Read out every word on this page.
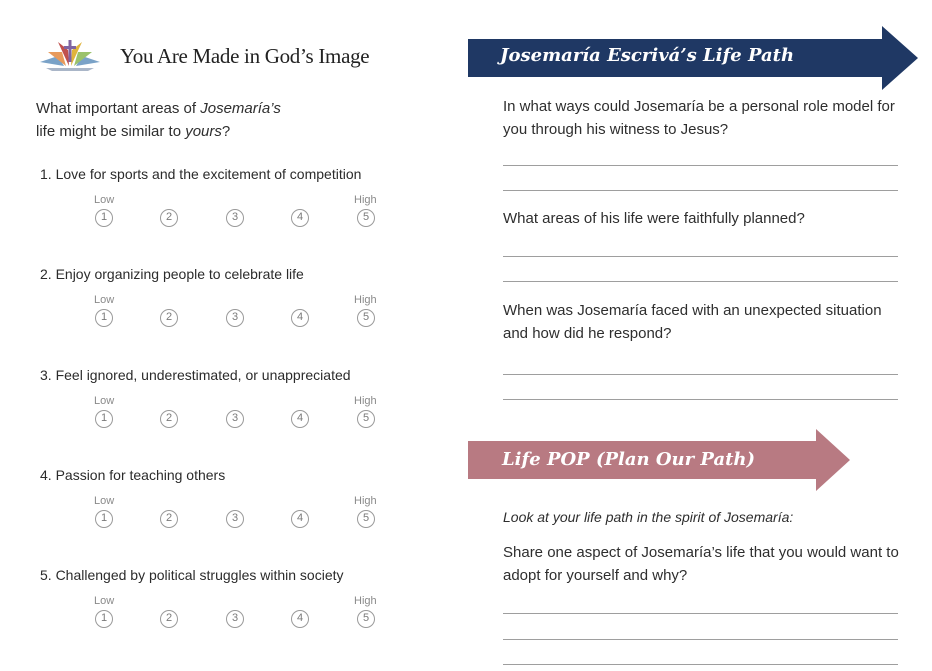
You Are Made in God’s Image
What important areas of Josemaría’s
life might be similar to yours?
1. Love for sports and the excitement of competition
Low	High
1	2	3	4	5
2. Enjoy organizing people to celebrate life
Low	High
1	2	3	4	5
3. Feel ignored, underestimated, or unappreciated
Low	High
1	2	3	4	5
4. Passion for teaching others
Low	High
1	2	3	4	5
5. Challenged by political struggles within society
Low	High
1	2	3	4	5
Josemaría Escrivá’s Life Path
In what ways could Josemaría be a personal role model for you through his witness to Jesus?
What areas of his life were faithfully planned?
When was Josemaría faced with an unexpected situation and how did he respond?
Life POP (Plan Our Path)
Look at your life path in the spirit of Josemaría:
Share one aspect of Josemaría’s life that you would want to adopt for yourself and why?
